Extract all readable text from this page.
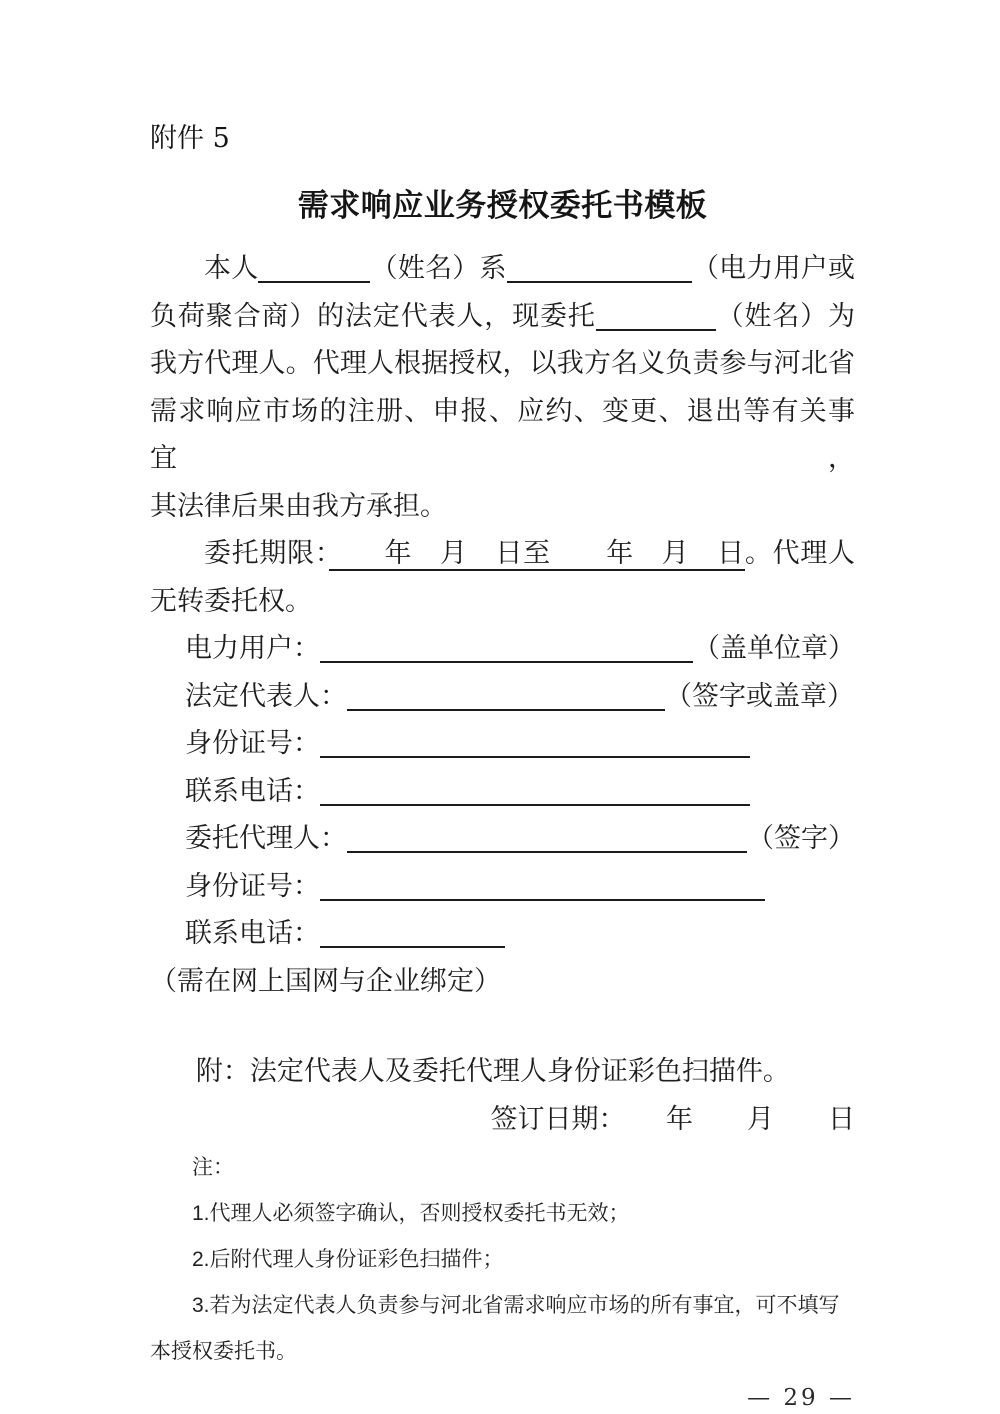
附件 5
需求响应业务授权委托书模板
本人	（姓名）系	（电力用户或
负荷聚合商）的法定代表人，现委托	（姓名）为
我方代理人。代理人根据授权，以我方名义负责参与河北省
需求响应市场的注册、申报、应约、变更、退出等有关事宜，
其法律后果由我方承担。
委托期限：　　年　月　日至　　年　月　日。代理人
无转委托权。
电力用户：	（盖单位章）
法定代表人：	（签字或盖章）
身份证号：
联系电话：
委托代理人：	（签字）
身份证号：
联系电话：（需在网上国网与企业绑定）
附：法定代表人及委托代理人身份证彩色扫描件。
签订日期：　　年　　月　　日
注：
1.代理人必须签字确认，否则授权委托书无效；
2.后附代理人身份证彩色扫描件；
3.若为法定代表人负责参与河北省需求响应市场的所有事宜，可不填写本授权委托书。
— 29 —
